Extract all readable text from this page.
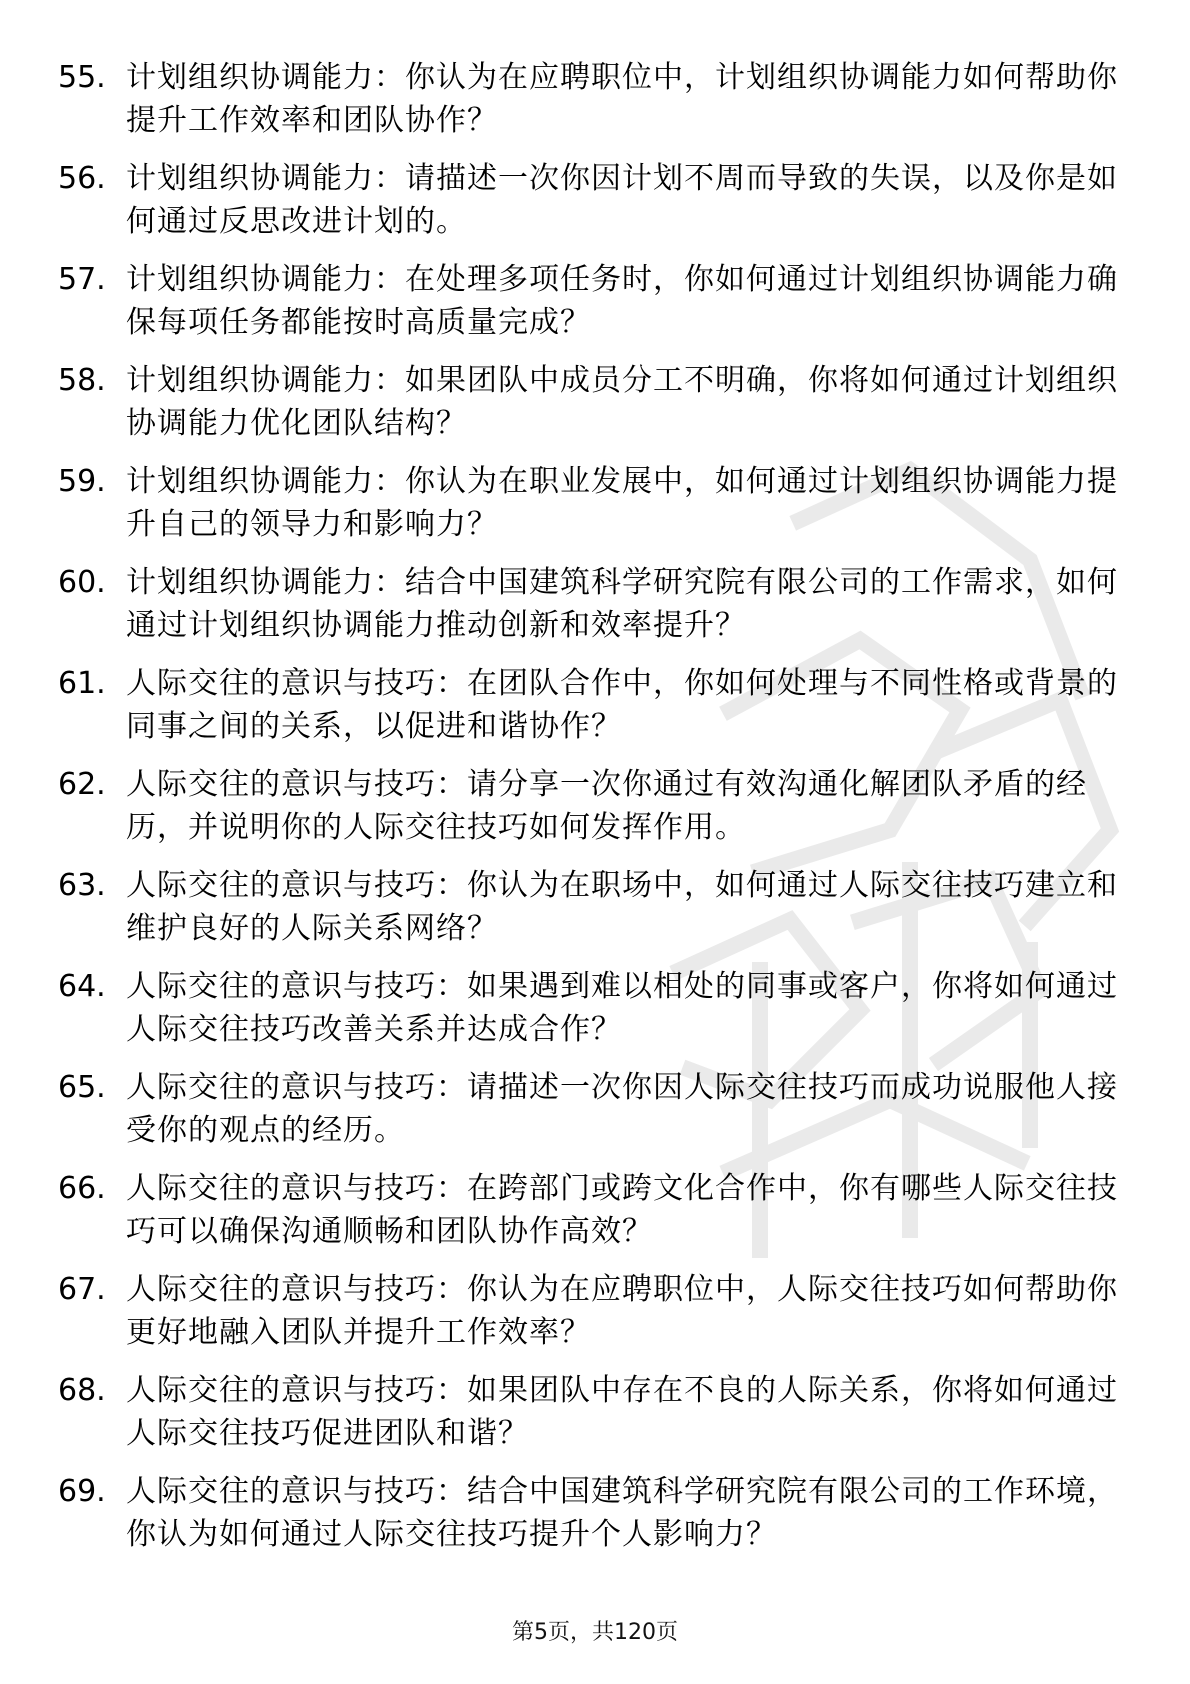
55. 计划组织协调能力：你认为在应聘职位中，计划组织协调能力如何帮助你提升工作效率和团队协作？
56. 计划组织协调能力：请描述一次你因计划不周而导致的失误，以及你是如何通过反思改进计划的。
57. 计划组织协调能力：在处理多项任务时，你如何通过计划组织协调能力确保每项任务都能按时高质量完成？
58. 计划组织协调能力：如果团队中成员分工不明确，你将如何通过计划组织协调能力优化团队结构？
59. 计划组织协调能力：你认为在职业发展中，如何通过计划组织协调能力提升自己的领导力和影响力？
60. 计划组织协调能力：结合中国建筑科学研究院有限公司的工作需求，如何通过计划组织协调能力推动创新和效率提升？
61. 人际交往的意识与技巧：在团队合作中，你如何处理与不同性格或背景的同事之间的关系，以促进和谐协作？
62. 人际交往的意识与技巧：请分享一次你通过有效沟通化解团队矛盾的经历，并说明你的人际交往技巧如何发挥作用。
63. 人际交往的意识与技巧：你认为在职场中，如何通过人际交往技巧建立和维护良好的人际关系网络？
64. 人际交往的意识与技巧：如果遇到难以相处的同事或客户，你将如何通过人际交往技巧改善关系并达成合作？
65. 人际交往的意识与技巧：请描述一次你因人际交往技巧而成功说服他人接受你的观点的经历。
66. 人际交往的意识与技巧：在跨部门或跨文化合作中，你有哪些人际交往技巧可以确保沟通顺畅和团队协作高效？
67. 人际交往的意识与技巧：你认为在应聘职位中，人际交往技巧如何帮助你更好地融入团队并提升工作效率？
68. 人际交往的意识与技巧：如果团队中存在不良的人际关系，你将如何通过人际交往技巧促进团队和谐？
69. 人际交往的意识与技巧：结合中国建筑科学研究院有限公司的工作环境，你认为如何通过人际交往技巧提升个人影响力？
第5页，共120页
